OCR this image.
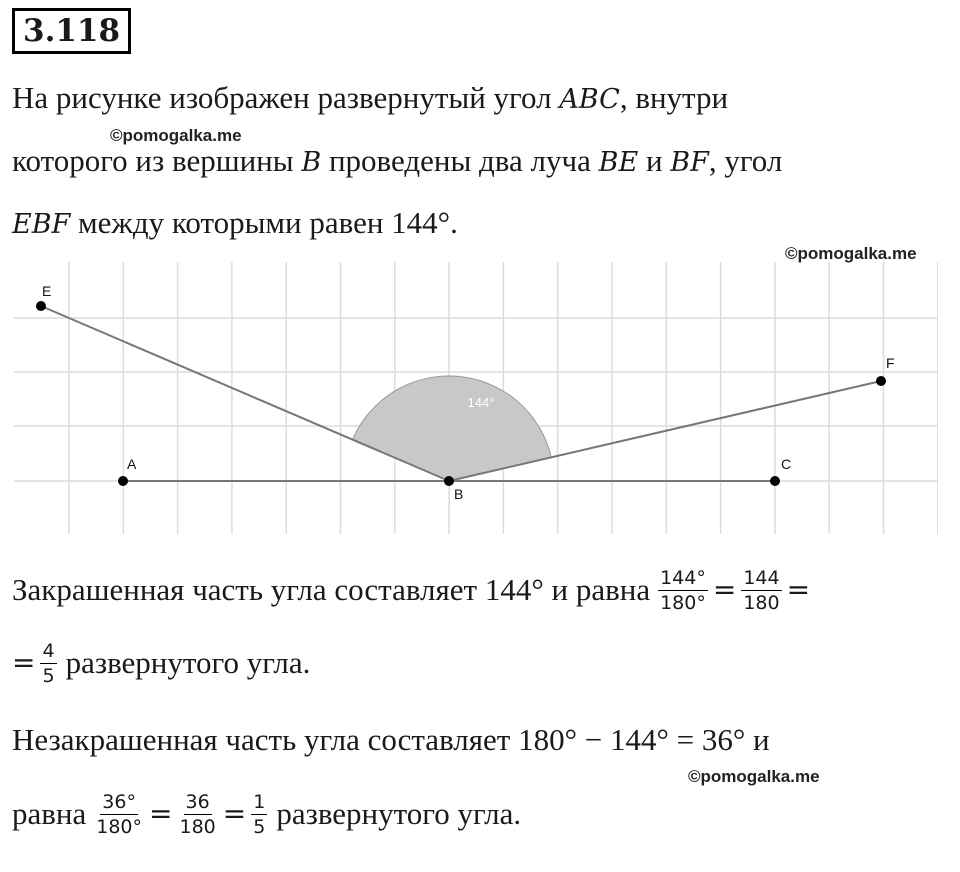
3.118
На рисунке изображен развернутый угол ABC, внутри
©pomogalka.me
которого из вершины B проведены два луча BE и BF, угол
EBF между которыми равен 144°.
©pomogalka.me
144°
E
A
B
C
F
Закрашенная часть угла составляет 144° и равна $\frac{144^\circ}{180^\circ} = \frac{144}{180}$ =
= $\frac{4}{5}$ развернутого угла.
Незакрашенная часть угла составляет 180° − 144° = 36° и
©pomogalka.me
равна $\frac{36^\circ}{180^\circ} = \frac{36}{180} = \frac{1}{5}$ развернутого угла.
